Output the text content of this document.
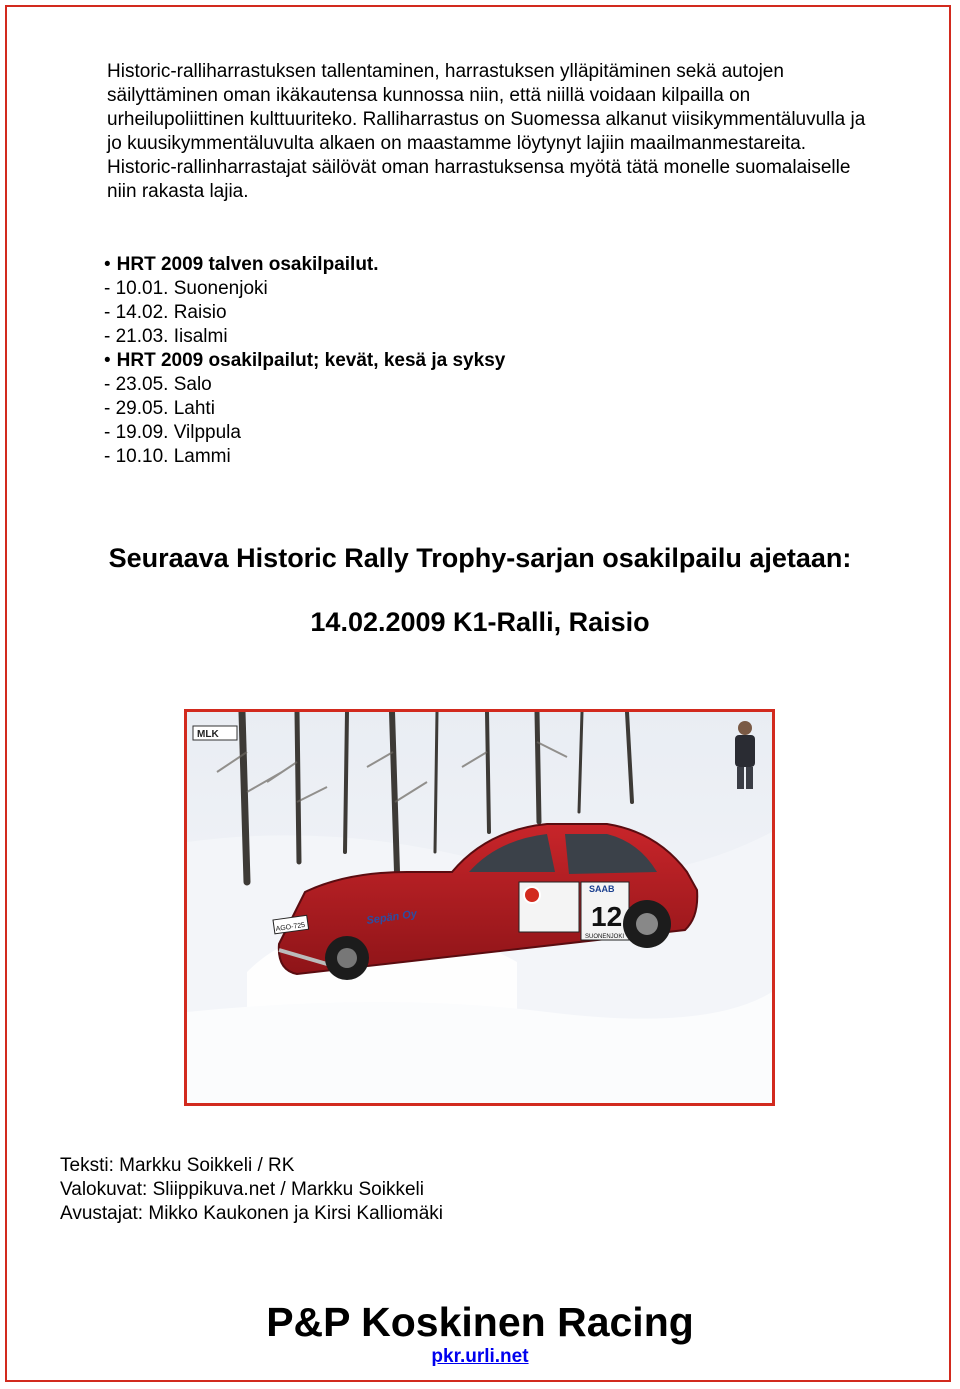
Historic-ralliharrastuksen tallentaminen, harrastuksen ylläpitäminen sekä autojen säilyttäminen oman ikäkautensa kunnossa niin, että niillä voidaan kilpailla on urheilupoliittinen kulttuuriteko. Ralliharrastus on Suomessa alkanut viisikymmentäluvulla ja jo kuusikymmentäluvulta alkaen on maastamme löytynyt lajiin maailmanmestareita.

Historic-rallinharrastajat säilövät oman harrastuksensa myötä tätä monelle suomalaiselle niin rakasta lajia.

• HRT 2009 talven osakilpailut.
- 10.01. Suonenjoki
- 14.02. Raisio
- 21.03. Iisalmi
• HRT 2009 osakilpailut; kevät, kesä ja syksy
- 23.05. Salo
- 29.05. Lahti
- 19.09. Vilppula
- 10.10. Lammi
Seuraava Historic Rally Trophy-sarjan osakilpailu ajetaan:
14.02.2009 K1-Ralli, Raisio
MLK
SAAB
12
SUONENJOKI
Sepän Oy
AGO-725
Teksti: Markku Soikkeli / RK
Valokuvat: Sliippikuva.net / Markku Soikkeli
Avustajat: Mikko Kaukonen ja Kirsi Kalliomäki
P&P Koskinen Racing
pkr.urli.net
